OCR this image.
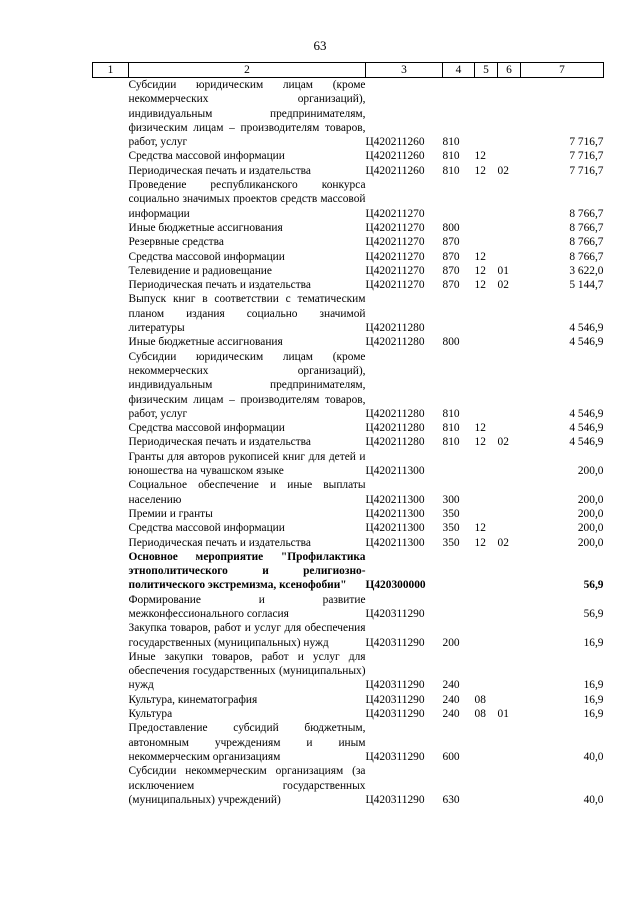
63
1	2	3	4	5	6	7
	Субсидии юридическим лицам (кроме некоммерческих организаций), индивидуальным предпринимателям, физическим лицам – производителям товаров, работ, услуг	Ц420211260	810			7 716,7
	Средства массовой информации	Ц420211260	810	12		7 716,7
	Периодическая печать и издательства	Ц420211260	810	12	02	7 716,7
	Проведение республиканского конкурса социально значимых проектов средств массовой информации	Ц420211270				8 766,7
	Иные бюджетные ассигнования	Ц420211270	800			8 766,7
	Резервные средства	Ц420211270	870			8 766,7
	Средства массовой информации	Ц420211270	870	12		8 766,7
	Телевидение и радиовещание	Ц420211270	870	12	01	3 622,0
	Периодическая печать и издательства	Ц420211270	870	12	02	5 144,7
	Выпуск книг в соответствии с тематическим планом издания социально значимой литературы	Ц420211280				4 546,9
	Иные бюджетные ассигнования	Ц420211280	800			4 546,9
	Субсидии юридическим лицам (кроме некоммерческих организаций), индивидуальным предпринимателям, физическим лицам – производителям товаров, работ, услуг	Ц420211280	810			4 546,9
	Средства массовой информации	Ц420211280	810	12		4 546,9
	Периодическая печать и издательства	Ц420211280	810	12	02	4 546,9
	Гранты для авторов рукописей книг для детей и юношества на чувашском языке	Ц420211300				200,0
	Социальное обеспечение и иные выплаты населению	Ц420211300	300			200,0
	Премии и гранты	Ц420211300	350			200,0
	Средства массовой информации	Ц420211300	350	12		200,0
	Периодическая печать и издательства	Ц420211300	350	12	02	200,0
	Основное мероприятие "Профилактика этнополитического и религиозно-политического экстремизма, ксенофобии"	Ц420300000				56,9
	Формирование и развитие межконфессионального согласия	Ц420311290				56,9
	Закупка товаров, работ и услуг для обеспечения государственных (муниципальных) нужд	Ц420311290	200			16,9
	Иные закупки товаров, работ и услуг для обеспечения государственных (муниципальных) нужд	Ц420311290	240			16,9
	Культура, кинематография	Ц420311290	240	08		16,9
	Культура	Ц420311290	240	08	01	16,9
	Предоставление субсидий бюджетным, автономным учреждениям и иным некоммерческим организациям	Ц420311290	600			40,0
	Субсидии некоммерческим организациям (за исключением государственных (муниципальных) учреждений)	Ц420311290	630			40,0
